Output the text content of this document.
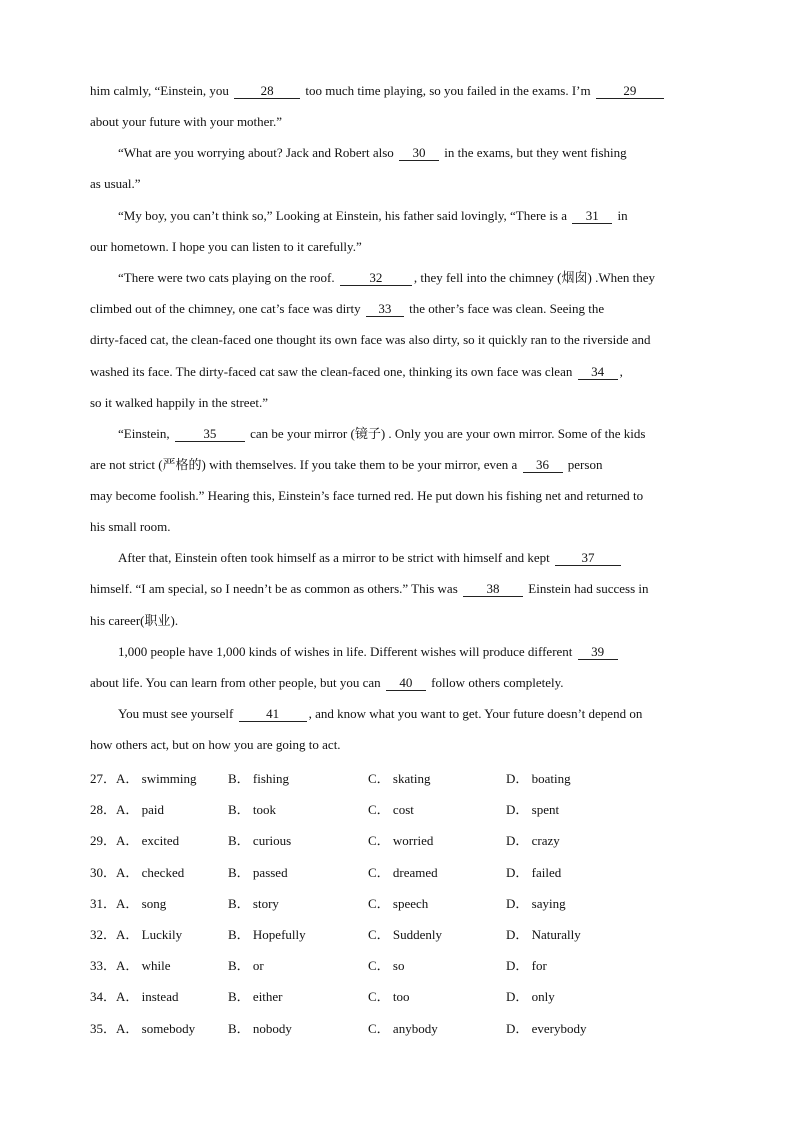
him calmly, “Einstein, you 28 too much time playing, so you failed in the exams. I’m 29
about your future with your mother.”
“What are you worrying about? Jack and Robert also 30 in the exams, but they went fishing
as usual.”
“My boy, you can’t think so,” Looking at Einstein, his father said lovingly, “There is a 31 in
our hometown. I hope you can listen to it carefully.”
“There were two cats playing on the roof. 32 , they fell into the chimney (烟囱) .When they
climbed out of the chimney, one cat’s face was dirty 33 the other’s face was clean. Seeing the
dirty-faced cat, the clean-faced one thought its own face was also dirty, so it quickly ran to the riverside and
washed its face. The dirty-faced cat saw the clean-faced one, thinking its own face was clean 34 ,
so it walked happily in the street.”
“Einstein, 35 can be your mirror (镜子) . Only you are your own mirror. Some of the kids
are not strict (严格的) with themselves. If you take them to be your mirror, even a 36 person
may become foolish.” Hearing this, Einstein’s face turned red. He put down his fishing net and returned to
his small room.
After that, Einstein often took himself as a mirror to be strict with himself and kept 37
himself. “I am special, so I needn’t be as common as others.” This was 38 Einstein had success in
his career(职业).
1,000 people have 1,000 kinds of wishes in life. Different wishes will produce different 39
about life. You can learn from other people, but you can 40 follow others completely.
You must see yourself 41 , and know what you want to get. Your future doesn’t depend on
how others act, but on how you are going to act.
27．A． swimming B． fishing	C． skating	D． boating
28．A． paid	B． took	C． cost	D． spent
29．A． excited	B． curious	C． worried	D． crazy
30．A． checked	B． passed	C． dreamed	D． failed
31．A． song	B． story	C． speech	D． saying
32．A． Luckily	B． Hopefully	C． Suddenly	D． Naturally
33．A． while	B． or	C． so	D． for
34．A． instead	B． either	C． too	D． only
35．A． somebody	B． nobody	C． anybody	D． everybody
